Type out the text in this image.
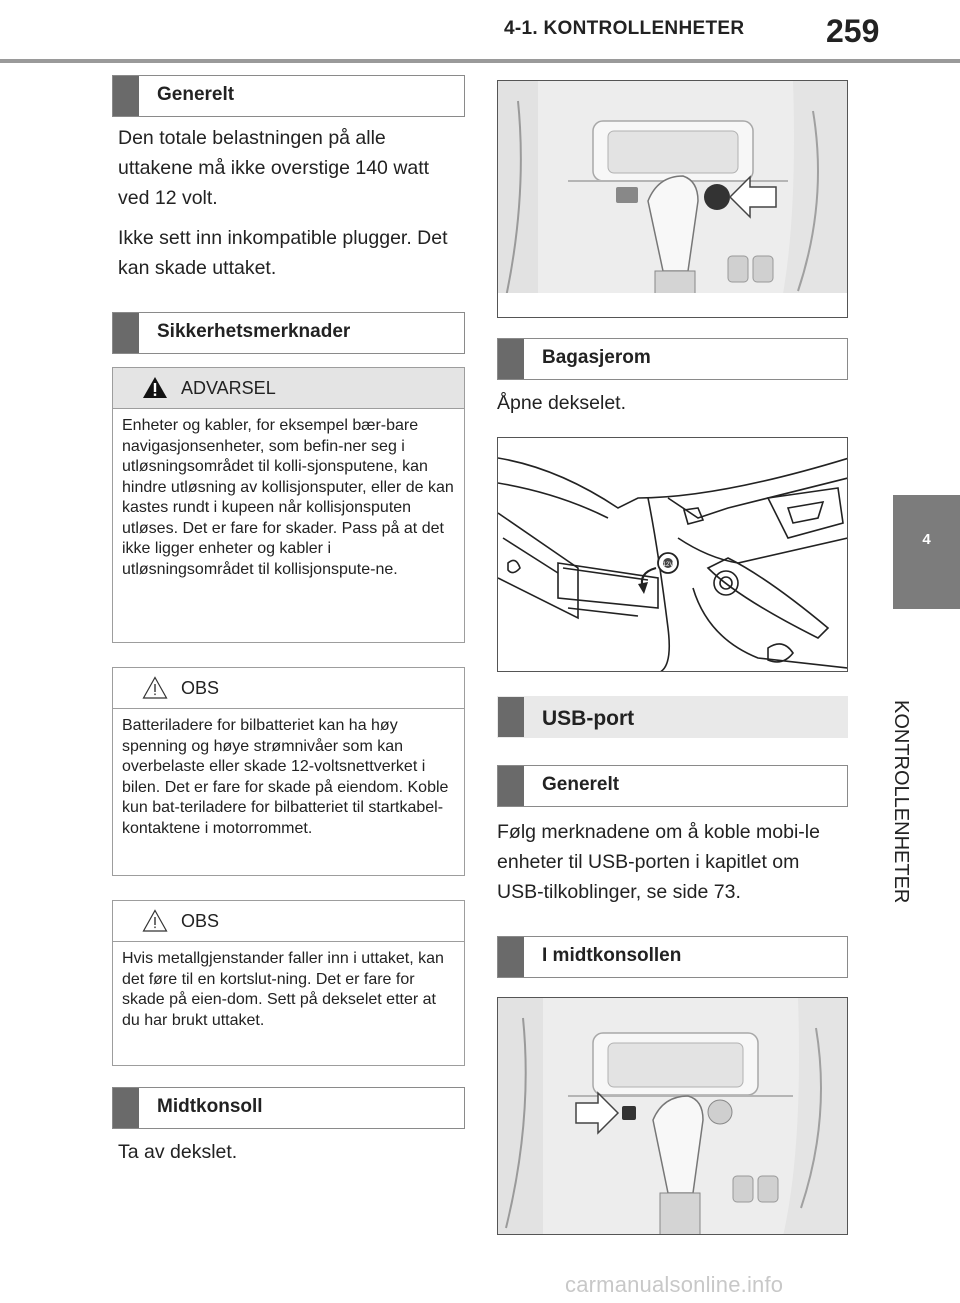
4-1. KONTROLLENHETER	259
4
KONTROLLENHETER
Generelt
Den totale belastningen på alle uttakene må ikke overstige 140 watt ved 12 volt.
Ikke sett inn inkompatible plugger. Det kan skade uttaket.
Sikkerhetsmerknader
ADVARSEL
Enheter og kabler, for eksempel bær-bare navigasjonsenheter, som befin-ner seg i utløsningsområdet til kolli-sjonsputene, kan hindre utløsning av kollisjonsputer, eller de kan kastes rundt i kupeen når kollisjonsputen utløses. Det er fare for skader. Pass på at det ikke ligger enheter og kabler i utløsningsområdet til kollisjonspute-ne.
OBS
Batteriladere for bilbatteriet kan ha høy spenning og høye strømnivåer som kan overbelaste eller skade 12-voltsnettverket i bilen. Det er fare for skade på eiendom. Koble kun bat-teriladere for bilbatteriet til startkabel-kontaktene i motorrommet.
OBS
Hvis metallgjenstander faller inn i uttaket, kan det føre til en kortslut-ning. Det er fare for skade på eien-dom. Sett på dekselet etter at du har brukt uttaket.
Midtkonsoll
Ta av dekslet.
Bagasjerom
Åpne dekselet.
12V
USB-port
Generelt
Følg merknadene om å koble mobi-le enheter til USB-porten i kapitlet om USB-tilkoblinger, se side 73.
I midtkonsollen
carmanualsonline.info
